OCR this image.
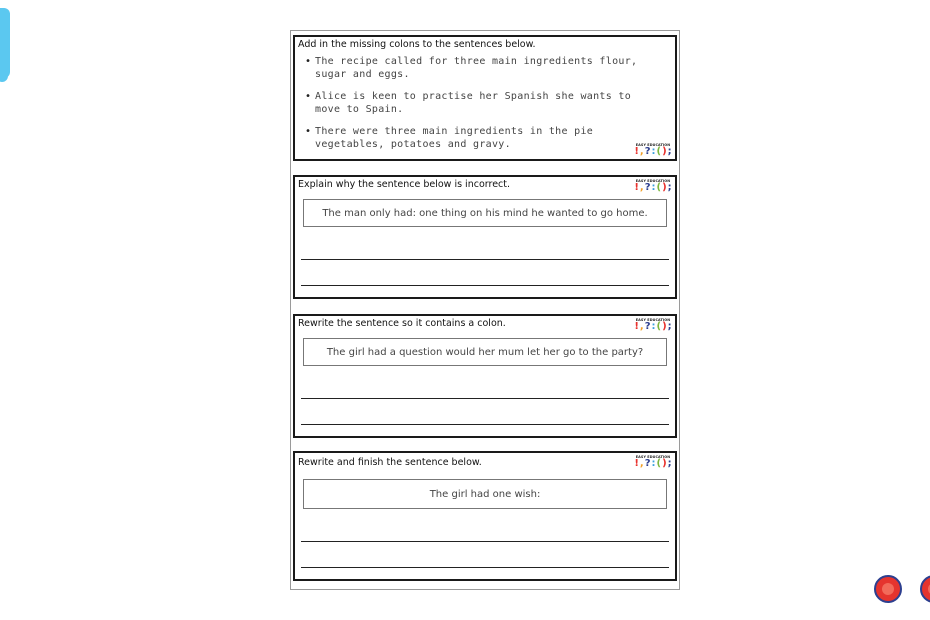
Add in the missing colons to the sentences below.
• The recipe called for three main ingredients flour, sugar and eggs.
• Alice is keen to practise her Spanish she wants to move to Spain.
• There were three main ingredients in the pie vegetables, potatoes and gravy.	EASY EDUCATION
! , ? : ( ) ;
Explain why the sentence below is incorrect.	EASY EDUCATION
! , ? : ( ) ;
The man only had: one thing on his mind he wanted to go home.
Rewrite the sentence so it contains a colon.	EASY EDUCATION
! , ? : ( ) ;
The girl had a question would her mum let her go to the party?
Rewrite and finish the sentence below.	EASY EDUCATION
! , ? : ( ) ;
The girl had one wish:
